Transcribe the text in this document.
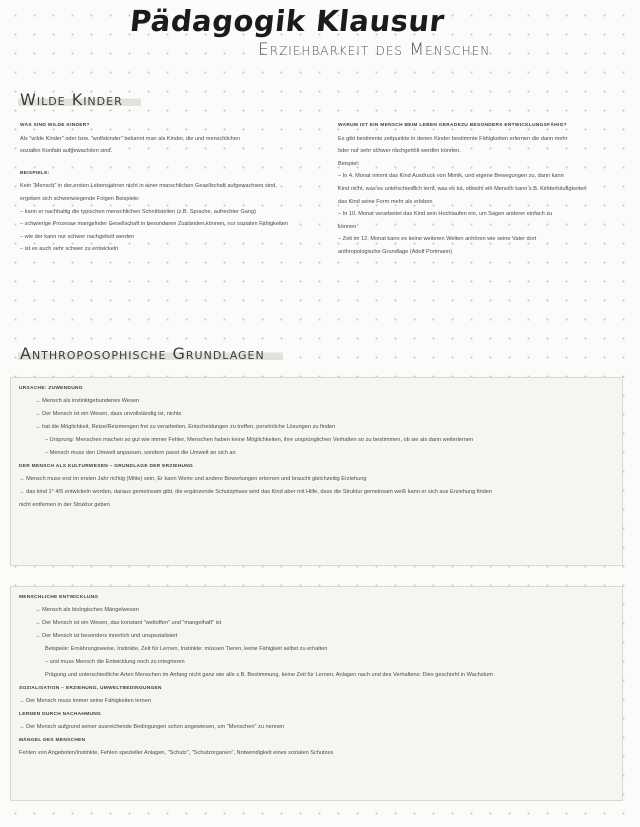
Pädagogik Klausur
Erziehbarkeit des Menschen
Wilde Kinder
WAS SIND WILDE KINDER?
Als "wilde Kinder" oder bzw. "wolfskinder" bekannt man als Kinder, die und menschlichen
sozialen Kontakt aufgewachsen sind.
BEISPIELE:
Kein "Mensch" in der ersten Lebensjahren nicht in einer menschlichen Gesellschaft aufgewachsen sind,
ergeben sich schwerwiegende Folgen Beispiele:
– kann er nachhaltig die typischen menschlichen Schnittstellen (z.B. Sprache, aufrechter Gang)
– schwierige Prozesse mangelnder Gesellschaft in besonderen Zuständen können, nur sozialen Fähigkeiten
– wie der kann nur schwer nachgeholt werden
– ist es auch sehr schwer zu entwickeln
WARUM IST EIN MENSCH BEIM LEBEN GERADEZU BESONDERS ENTWICKLUNGSFÄHIG?
Es gibt bestimmte zeitpunkte in denen Kinder bestimmte Fähigkeiten erlernen die dann mehr
oder nur sehr schwer nachgeholt werden können.
Beispiel:
– In 4. Monat nimmt das Kind Ausdruck von Mimik, und eigene Bewegungen zu, dann kann
Kind nicht, was es unterschiedlich lernt, was es tut, obwohl ein Mensch kann z.B. Kinderhäufigkeiten
das Kind seine Form mehr als erleben
– In 10. Monat verarbeitet das Kind sein Hochlaufen ein, um Sagen anderer einfach zu
können
– Zeit im 12. Monat kann es keine weiteren Welten anhören wie seine Vater dort
anthropologische Grundlage (Adolf Portmann)
Anthroposophische Grundlagen
URSACHE: ZUWENDUNG
→ Mensch als instinktgebundenes Wesen
→ Der Mensch ist ein Wesen, dass unvollständig ist, nichts
→ hat die Möglichkeit, Reize/Reizmengen frei zu verarbeiten, Entscheidungen zu treffen, persönliche Lösungen zu finden
– Ursprung: Menschen machen so gut wie immer Fehler, Menschen haben keine Möglichkeiten, ihre ursprünglichen Verhalten so zu bestimmen, ob sie als dann weiterlernen
– Mensch muss den Umwelt anpassen, sondern passt die Umwelt an sich an
DER MENSCH ALS KULTURWESEN – GRUNDLAGE DER ERZIEHUNG
→ Mensch muss erst im ersten Jahr richtig (Mitte) sein, Er kann Werte und andere Bewertungen erlernen und braucht gleichzeitig Erziehung
→ das kind 1° 4/5 entwickeln worden, daraus gemeinsam gibt, die ergänzende Schutzphase wird das Kind aber mit Hilfe, dass die Struktur gemeinsam weiß kann er sich aus Erziehung finden
nicht entfernen in der Struktur geben
MENSCHLICHE ENTWICKLUNG
→ Mensch als biologisches Mängelwesen
→ Der Mensch ist ein Wesen, das konstant "weltoffen" und "mangelhaft" ist
→ Der Mensch ist besonders innerlich und unspezialisiert
Beispiele: Ernährungsweise, Instinkte, Zeit für Lernen, Instinkte: müssen Tieren, keine Fähigkeit selbst zu erhalten
– und muss Mensch die Entwicklung noch zu integrieren
Prägung und unterschiedliche Arten Menschen im Anfang nicht ganz wie alle z.B. Bestimmung, keine Zeit für Lernen, Anlagen nach und des Verhaltens: Dies geschieht in Wachstum
SOZIALISATION – ERZIEHUNG, UMWELTBEDINGUNGEN
→ Der Mensch muss immer seine Fähigkeiten lernen
LERNEN DURCH NACHAHMUNG
→ Der Mensch aufgrund seiner ausreichende Bedingungen schon angewiesen, um "Menschen" zu nennen
MÄNGEL DES MENSCHEN
Fehlen von Angeboten/Instinkte, Fehlen spezieller Anlagen, "Schutz", "Schutzorganen", Notwendigkeit eines sozialen Schutzes
